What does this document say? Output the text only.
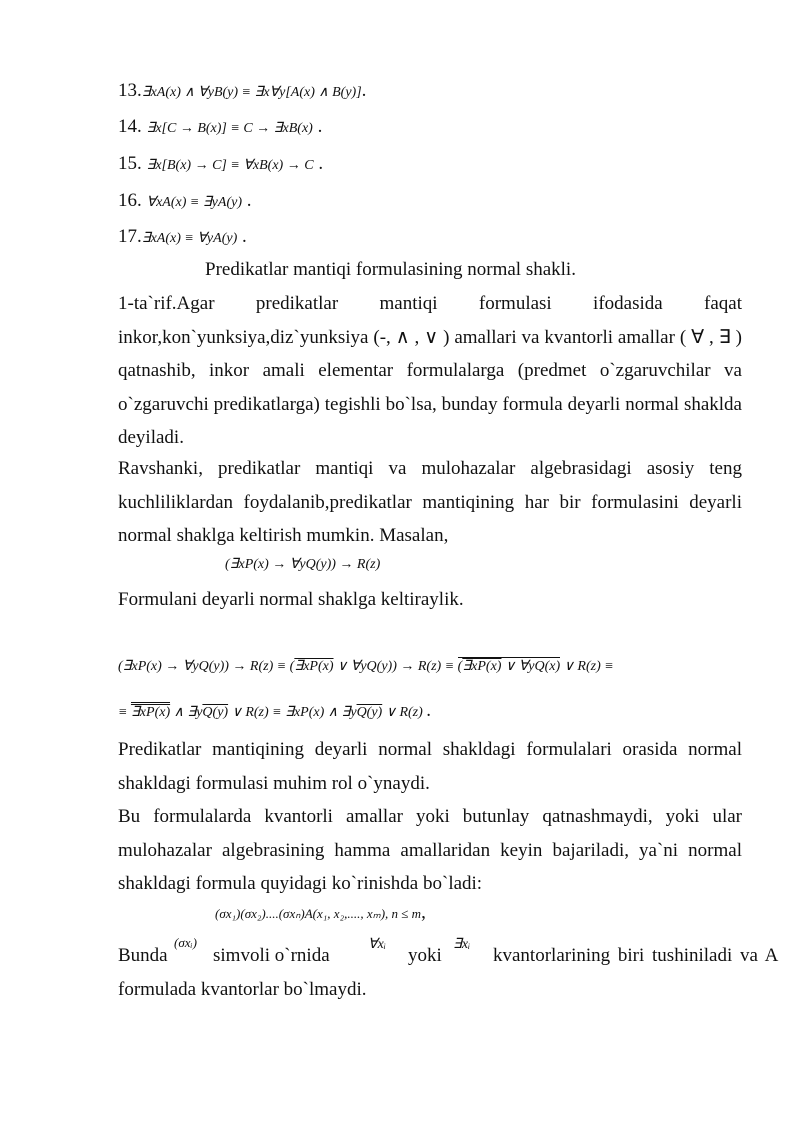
13.∃xA(x) ∧ ∀yB(y) ≡ ∃x∀y[A(x) ∧ B(y)].
14. ∃x[C → B(x)] ≡ C → ∃xB(x) .
15. ∃x[B(x) → C] ≡ ∀xB(x) → C .
16. ∀xA(x) ≡ ∃yA(y) .
17.∃xA(x) ≡ ∀yA(y) .
Predikatlar mantiqi formulasining normal shakli.
1-ta`rif.Agar predikatlar mantiqi formulasi ifodasida faqat inkor,kon`yunksiya,diz`yunksiya (-, ∧ , ∨ ) amallari va kvantorli amallar ( ∀ , ∃ ) qatnashib, inkor amali elementar formulalarga (predmet o`zgaruvchilar va o`zgaruvchi predikatlarga) tegishli bo`lsa, bunday formula deyarli normal shaklda deyiladi.
Ravshanki, predikatlar mantiqi va mulohazalar algebrasidagi asosiy teng kuchliliklardan foydalanib,predikatlar mantiqining har bir formulasini deyarli normal shaklga keltirish mumkin. Masalan,
(∃xP(x) → ∀yQ(y)) → R(z)
Formulani deyarli normal shaklga keltiraylik.
(∃xP(x) → ∀yQ(y)) → R(z) ≡ (∃xP(x) ∨ ∀yQ(y)) → R(z) ≡ (∃xP(x) ∨ ∀yQ(x) ∨ R(z) ≡
≡ ∃xP(x) ∧ ∃yQ(y) ∨ R(z) ≡ ∃xP(x) ∧ ∃yQ(y) ∨ R(z) .
Predikatlar mantiqining deyarli normal shakldagi formulalari orasida normal shakldagi formulasi muhim rol o`ynaydi.
Bu formulalarda kvantorli amallar yoki butunlay qatnashmaydi, yoki ular mulohazalar algebrasining hamma amallaridan keyin bajariladi, ya`ni normal shakldagi formula quyidagi ko`rinishda bo`ladi:
(σx₁)(σx₂)....(σxₙ)A(x₁, x₂,...., xₘ), n ≤ m,
Bunda
(σxᵢ)
simvoli o`rnida
∀xᵢ
yoki
∃xᵢ
kvantorlarining biri tushiniladi va A
formulada kvantorlar bo`lmaydi.
